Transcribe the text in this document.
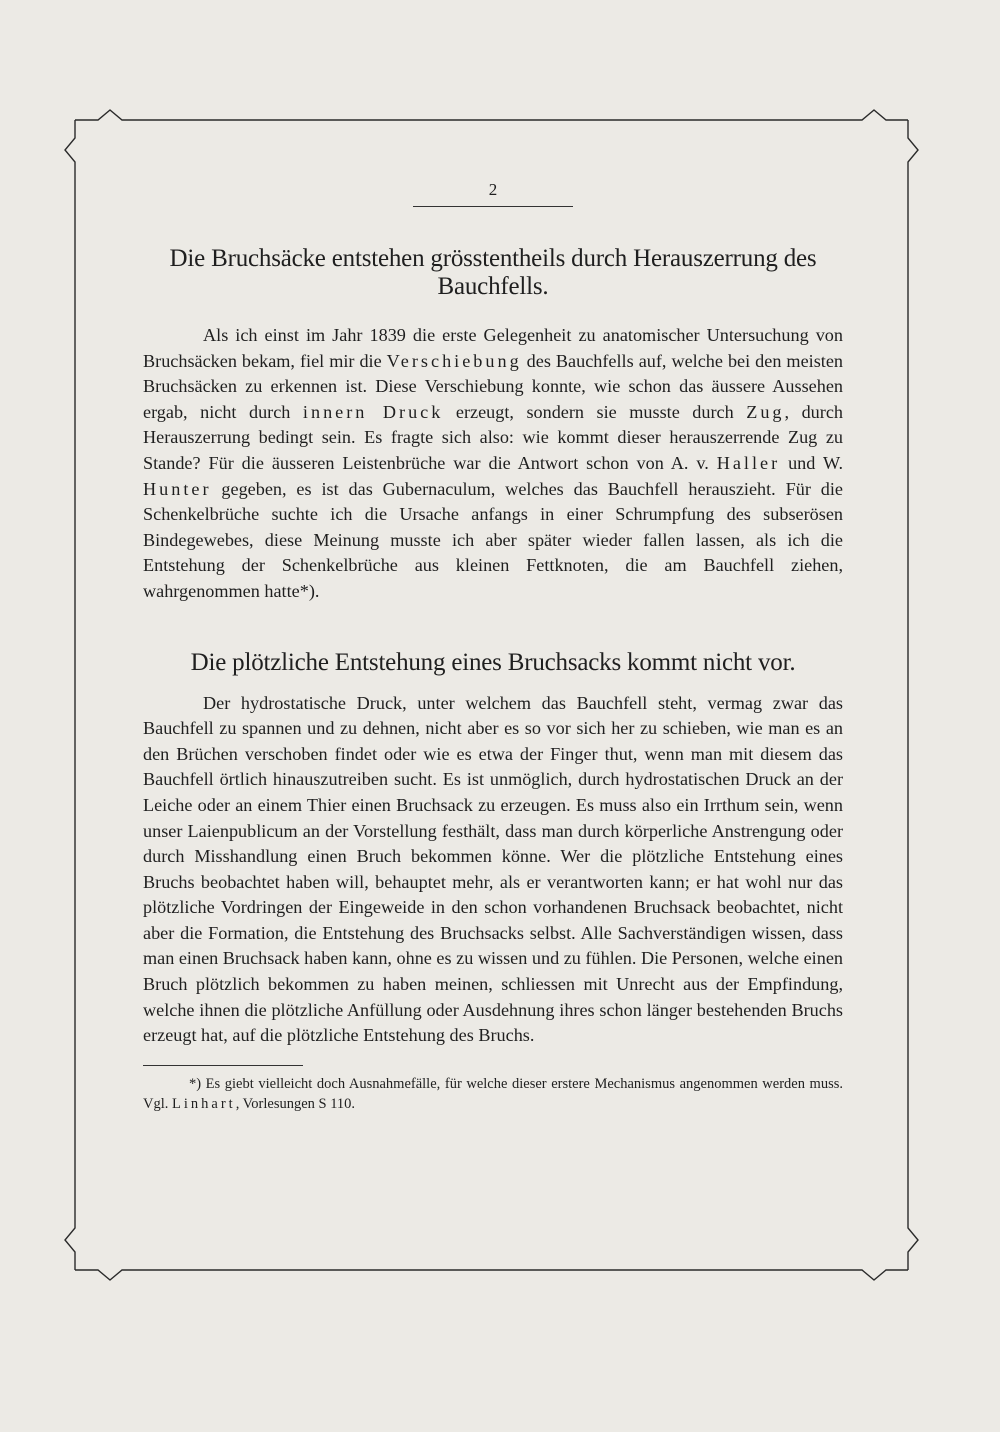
2
Die Bruchsäcke entstehen grösstentheils durch Herauszerrung des Bauchfells.

Als ich einst im Jahr 1839 die erste Gelegenheit zu anatomischer Untersuchung von Bruchsäcken bekam, fiel mir die Verschiebung des Bauchfells auf, welche bei den meisten Bruchsäcken zu erkennen ist. Diese Verschiebung konnte, wie schon das äussere Aussehen ergab, nicht durch innern Druck erzeugt, sondern sie musste durch Zug, durch Herauszerrung bedingt sein. Es fragte sich also: wie kommt dieser herauszerrende Zug zu Stande? Für die äusseren Leistenbrüche war die Antwort schon von A. v. Haller und W. Hunter gegeben, es ist das Gubernaculum, welches das Bauchfell herauszieht. Für die Schenkelbrüche suchte ich die Ursache anfangs in einer Schrumpfung des subserösen Bindegewebes, diese Meinung musste ich aber später wieder fallen lassen, als ich die Entstehung der Schenkelbrüche aus kleinen Fettknoten, die am Bauchfell ziehen, wahrgenommen hatte*).

Die plötzliche Entstehung eines Bruchsacks kommt nicht vor.

Der hydrostatische Druck, unter welchem das Bauchfell steht, vermag zwar das Bauchfell zu spannen und zu dehnen, nicht aber es so vor sich her zu schieben, wie man es an den Brüchen verschoben findet oder wie es etwa der Finger thut, wenn man mit diesem das Bauchfell örtlich hinauszutreiben sucht. Es ist unmöglich, durch hydrostatischen Druck an der Leiche oder an einem Thier einen Bruchsack zu erzeugen. Es muss also ein Irrthum sein, wenn unser Laienpublicum an der Vorstellung festhält, dass man durch körperliche Anstrengung oder durch Misshandlung einen Bruch bekommen könne. Wer die plötzliche Entstehung eines Bruchs beobachtet haben will, behauptet mehr, als er verantworten kann; er hat wohl nur das plötzliche Vordringen der Eingeweide in den schon vorhandenen Bruchsack beobachtet, nicht aber die Formation, die Entstehung des Bruchsacks selbst. Alle Sachverständigen wissen, dass man einen Bruchsack haben kann, ohne es zu wissen und zu fühlen. Die Personen, welche einen Bruch plötzlich bekommen zu haben meinen, schliessen mit Unrecht aus der Empfindung, welche ihnen die plötzliche Anfüllung oder Ausdehnung ihres schon länger bestehenden Bruchs erzeugt hat, auf die plötzliche Entstehung des Bruchs.

*) Es giebt vielleicht doch Ausnahmefälle, für welche dieser erstere Mechanismus angenommen werden muss. Vgl. Linhart, Vorlesungen S 110.
